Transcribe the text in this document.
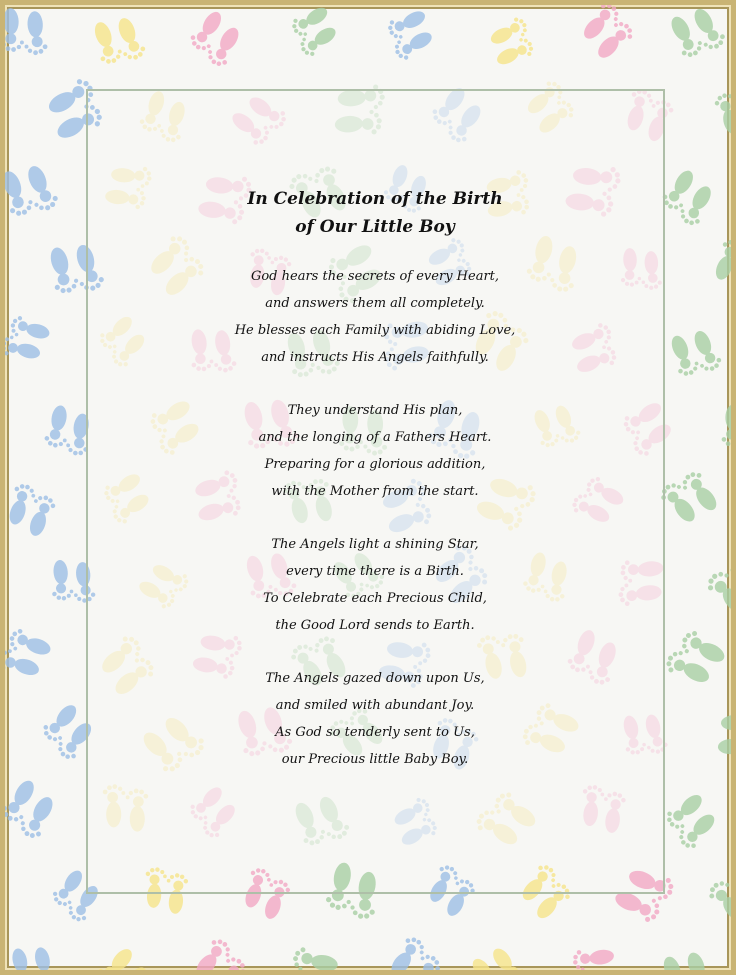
In Celebration of the Birth
of Our Little Boy
God hears the secrets of every Heart,
and answers them all completely.
He blesses each Family with abiding Love,
and instructs His Angels faithfully.
They understand His plan,
and the longing of a Fathers Heart.
Preparing for a glorious addition,
with the Mother from the start.
The Angels light a shining Star,
every time there is a Birth.
To Celebrate each Precious Child,
the Good Lord sends to Earth.
The Angels gazed down upon Us,
and smiled with abundant Joy.
As God so tenderly sent to Us,
our Precious little Baby Boy.
